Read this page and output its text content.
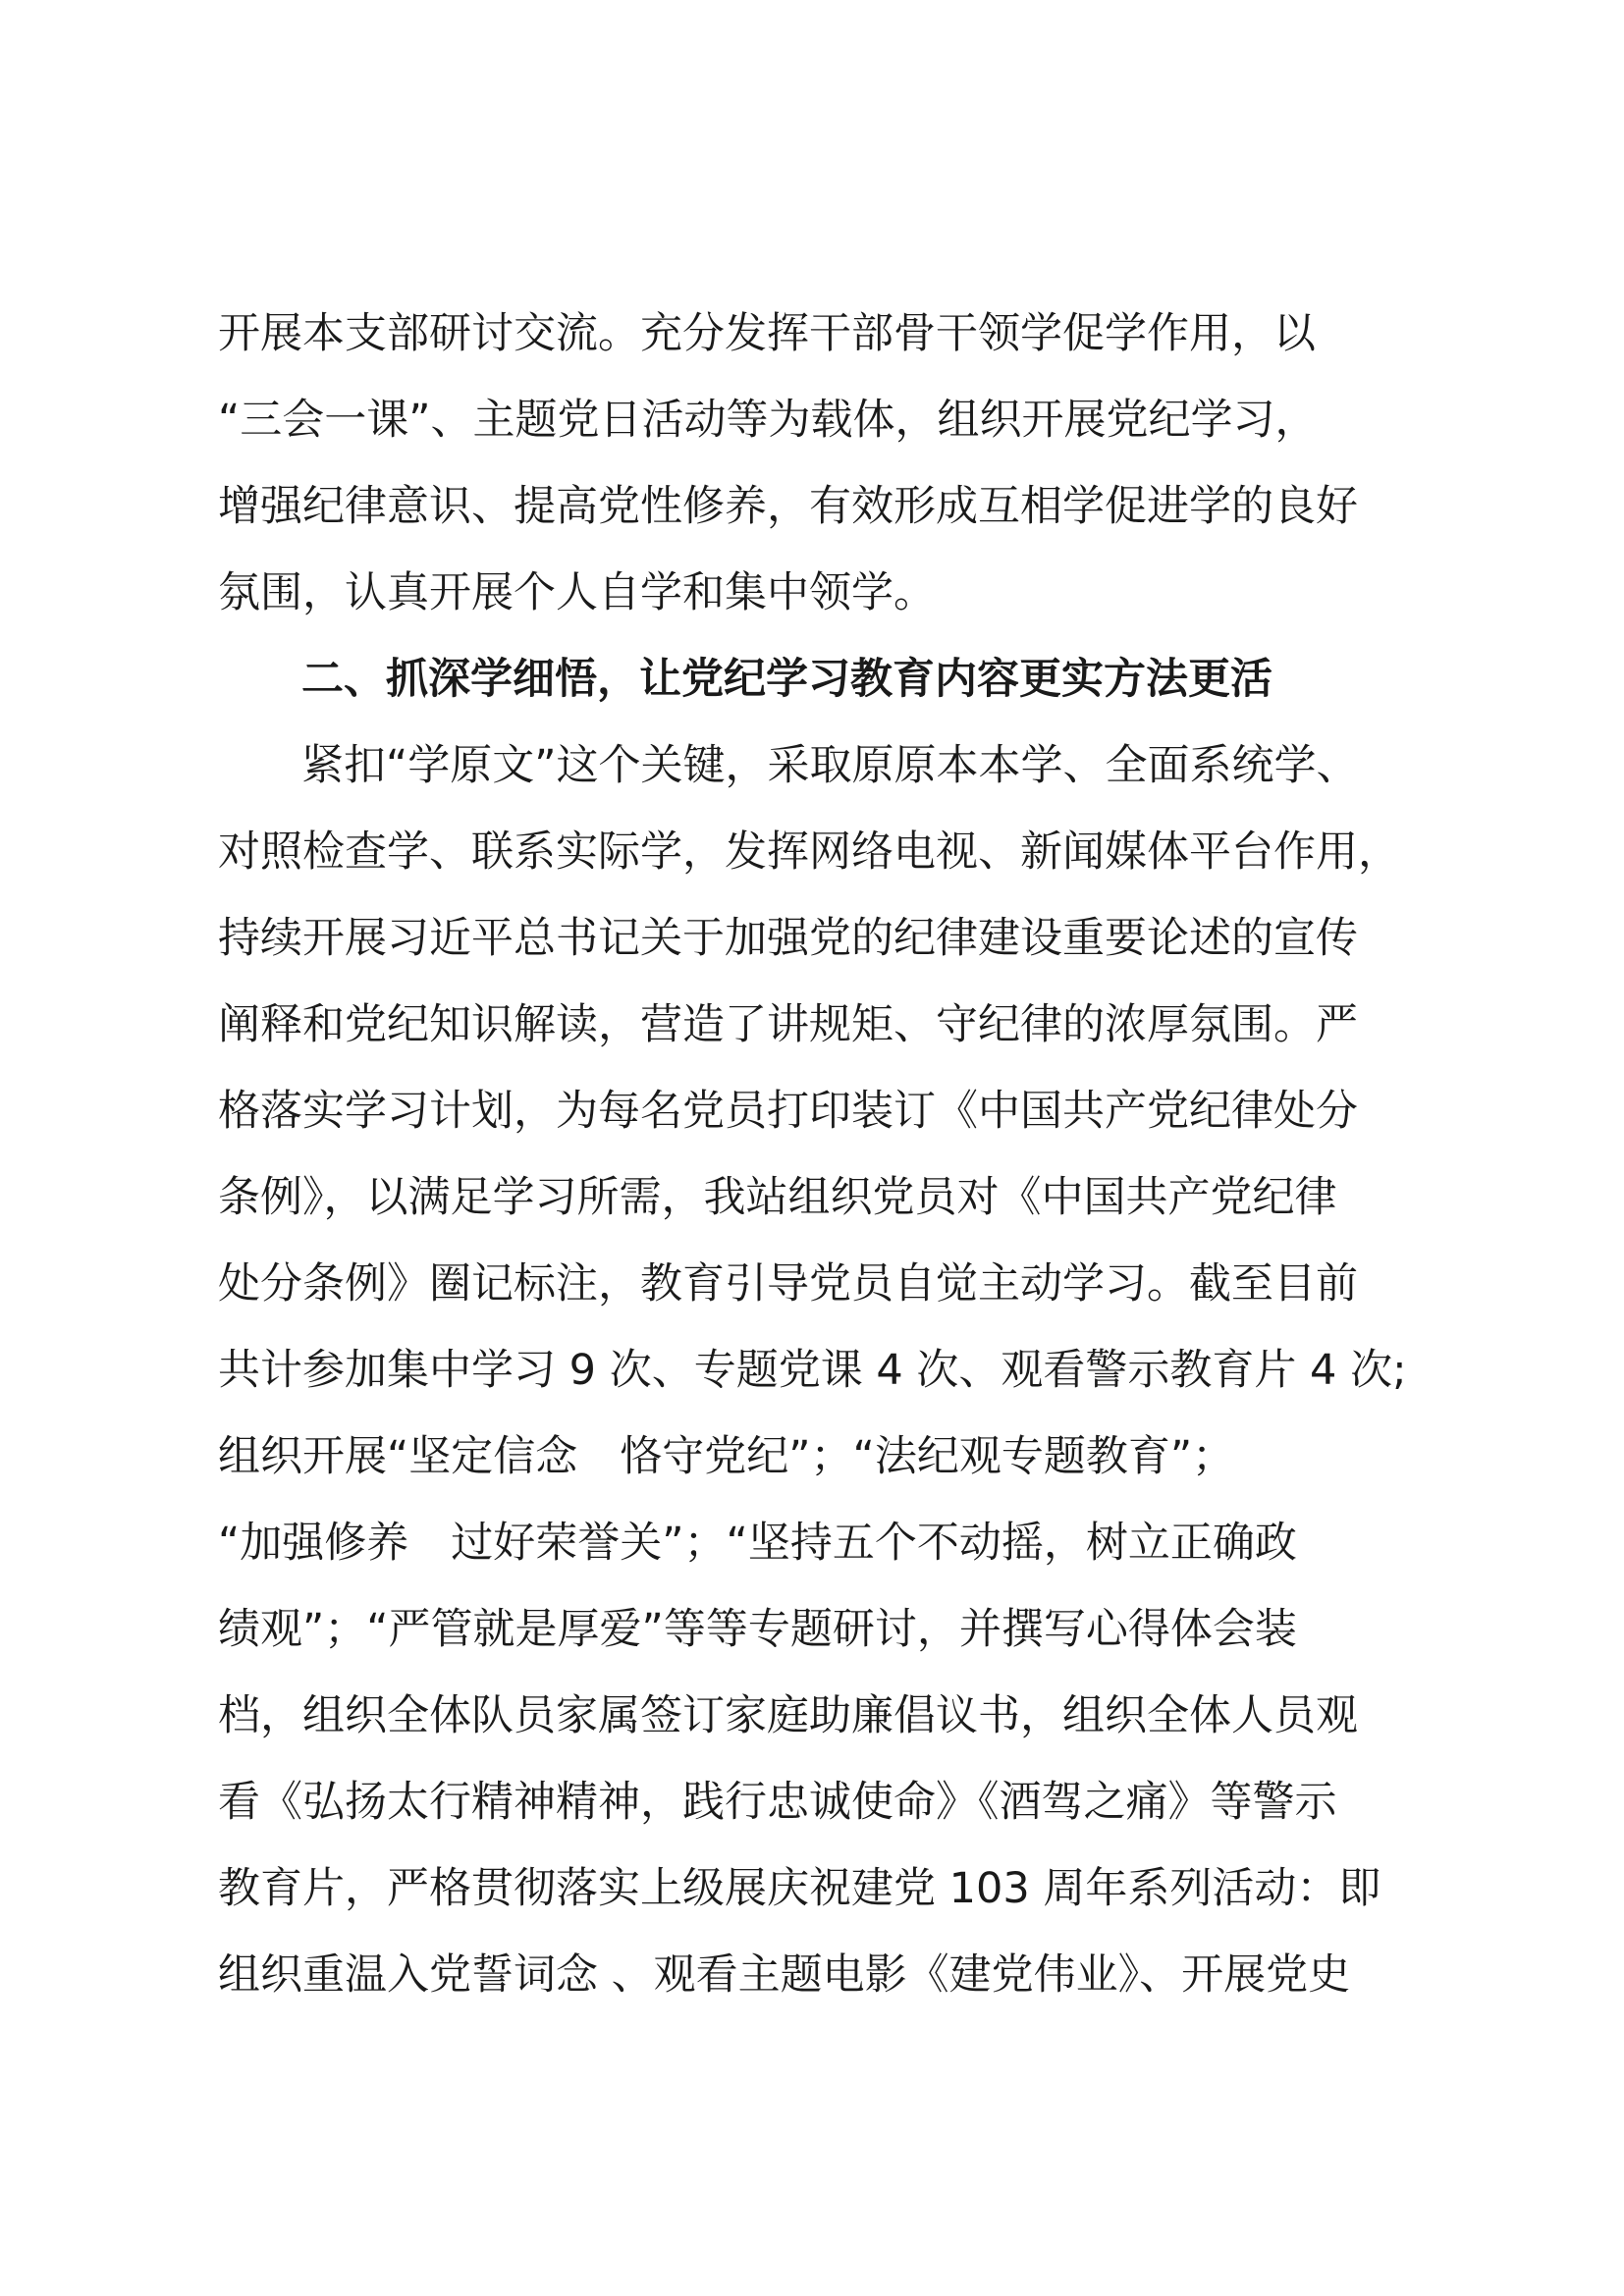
开展本支部研讨交流。充分发挥干部骨干领学促学作用，以

“三会一课”、主题党日活动等为载体，组织开展党纪学习，

增强纪律意识、提高党性修养，有效形成互相学促进学的良好

氛围，认真开展个人自学和集中领学。

二、抓深学细悟，让党纪学习教育内容更实方法更活

紧扣“学原文”这个关键，采取原原本本学、全面系统学、

对照检查学、联系实际学，发挥网络电视、新闻媒体平台作用，

持续开展习近平总书记关于加强党的纪律建设重要论述的宣传

阐释和党纪知识解读，营造了讲规矩、守纪律的浓厚氛围。严

格落实学习计划，为每名党员打印装订《中国共产党纪律处分

条例》，以满足学习所需，我站组织党员对《中国共产党纪律

处分条例》圈记标注，教育引导党员自觉主动学习。截至目前

共计参加集中学习 9 次、专题党课 4 次、观看警示教育片 4 次;

组织开展“坚定信念　恪守党纪”；“法纪观专题教育”；

“加强修养　过好荣誉关”；“坚持五个不动摇，树立正确政

绩观”；“严管就是厚爱”等等专题研讨，并撰写心得体会装

档，组织全体队员家属签订家庭助廉倡议书，组织全体人员观

看《弘扬太行精神精神，践行忠诚使命》《酒驾之痛》等警示

教育片，严格贯彻落实上级展庆祝建党 103 周年系列活动：即

组织重温入党誓词念 、观看主题电影《建党伟业》、开展党史
